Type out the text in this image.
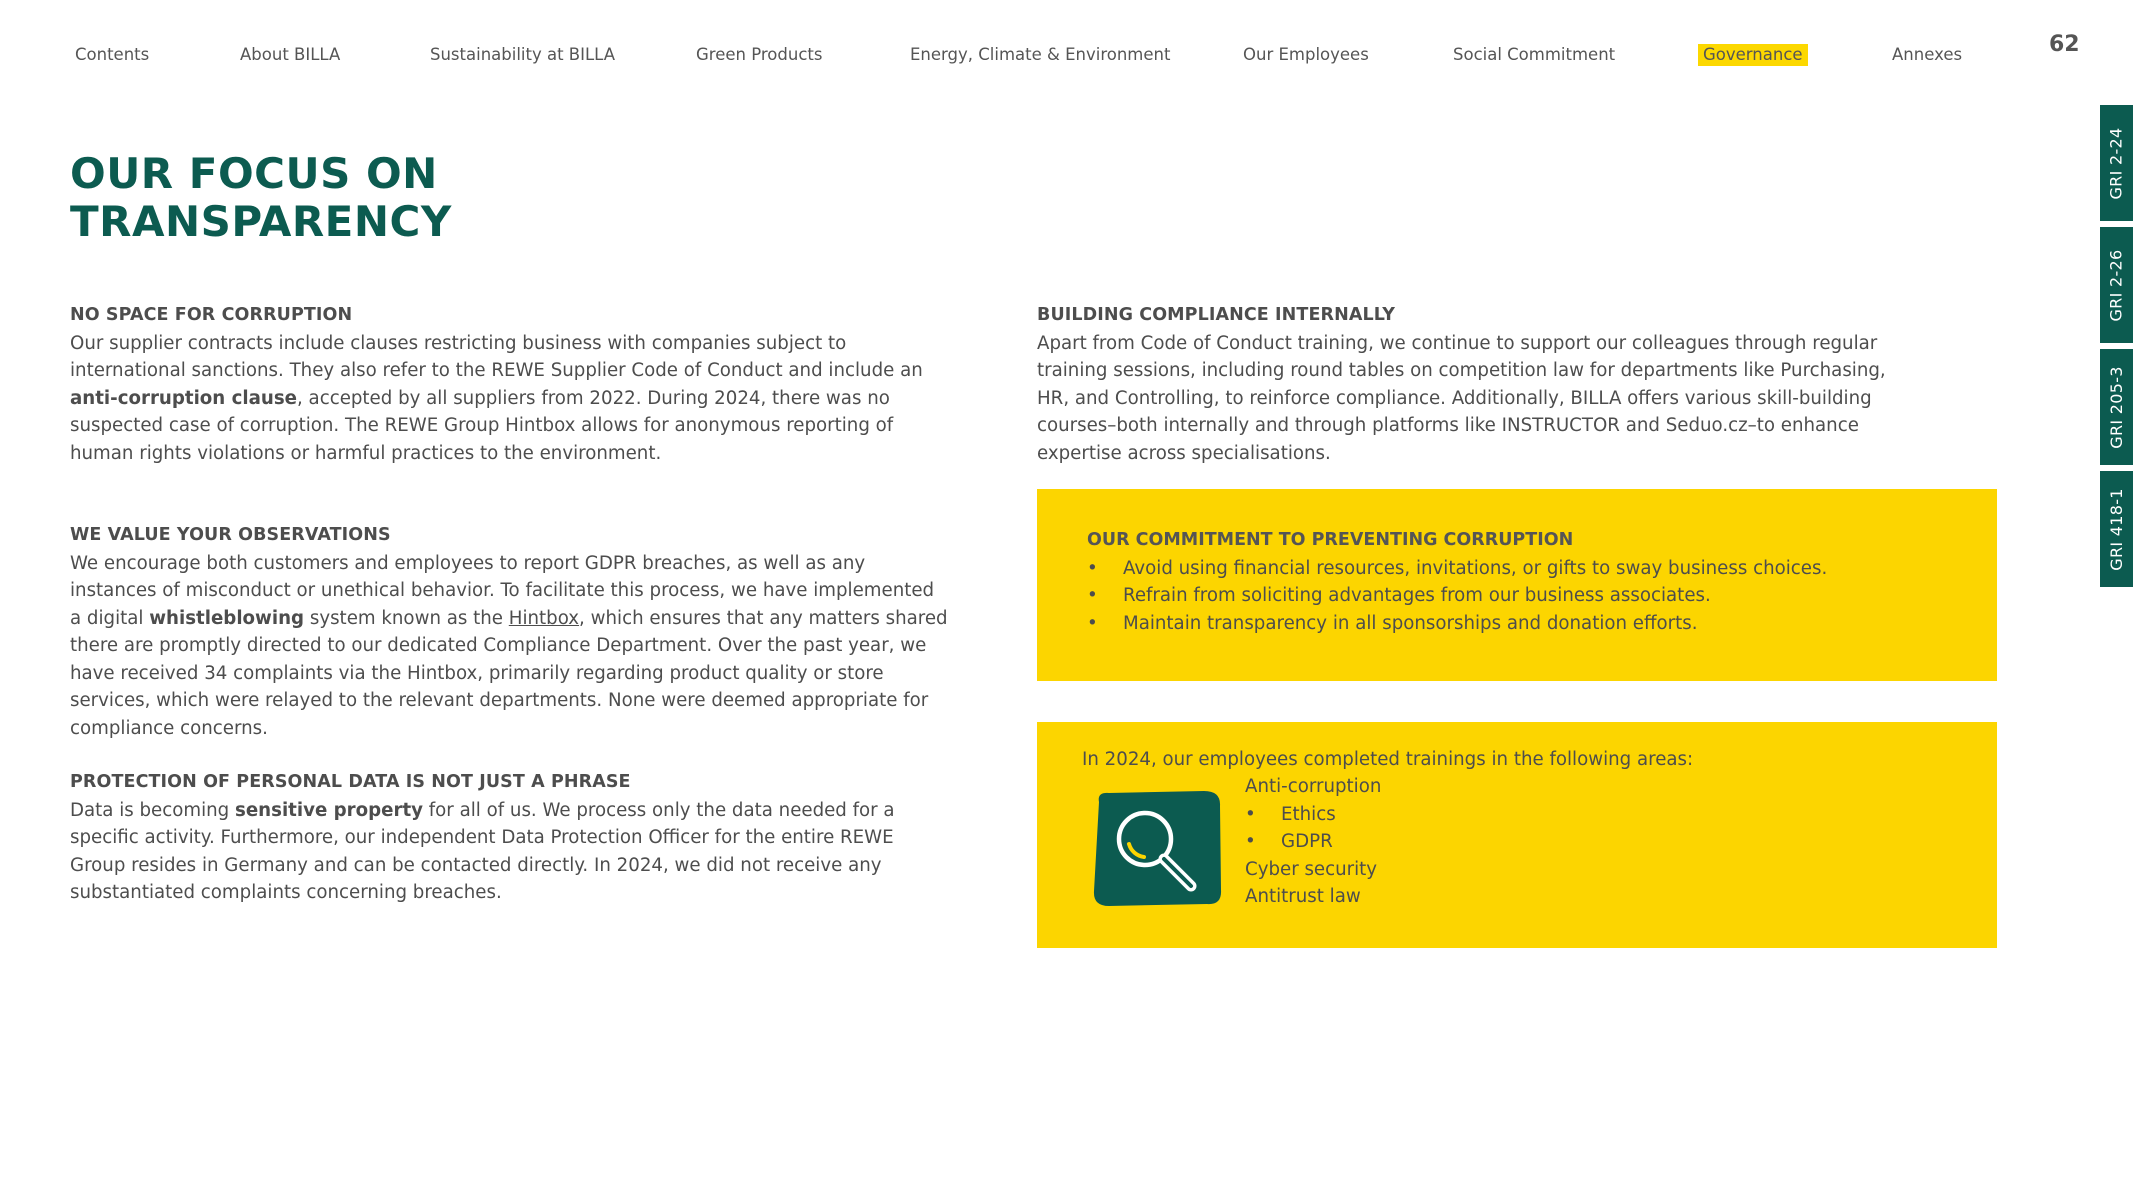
Contents	About BILLA	Sustainability at BILLA	Green Products	Energy, Climate & Environment	Our Employees	Social Commitment	Governance	Annexes	62
GRI 2-24
GRI 2-26
GRI 205-3
GRI 418-1
OUR FOCUS ON
TRANSPARENCY
NO SPACE FOR CORRUPTION

Our supplier contracts include clauses restricting business with companies subject to international sanctions. They also refer to the REWE Supplier Code of Conduct and include an anti-corruption clause, accepted by all suppliers from 2022. During 2024, there was no suspected case of corruption. The REWE Group Hintbox allows for anonymous reporting of human rights violations or harmful practices to the environment.

WE VALUE YOUR OBSERVATIONS

We encourage both customers and employees to report GDPR breaches, as well as any instances of misconduct or unethical behavior. To facilitate this process, we have implemented a digital whistleblowing system known as the Hintbox, which ensures that any matters shared there are promptly directed to our dedicated Compliance Department. Over the past year, we have received 34 complaints via the Hintbox, primarily regarding product quality or store services, which were relayed to the relevant departments. None were deemed appropriate for compliance concerns.

PROTECTION OF PERSONAL DATA IS NOT JUST A PHRASE

Data is becoming sensitive property for all of us. We process only the data needed for a specific activity. Furthermore, our independent Data Protection Officer for the entire REWE Group resides in Germany and can be contacted directly. In 2024, we did not receive any substantiated complaints concerning breaches.

BUILDING COMPLIANCE INTERNALLY

Apart from Code of Conduct training, we continue to support our colleagues through regular training sessions, including round tables on competition law for departments like Purchasing, HR, and Controlling, to reinforce compliance. Additionally, BILLA offers various skill-building courses–both internally and through platforms like INSTRUCTOR and Seduo.cz–to enhance expertise across specialisations.

OUR COMMITMENT TO PREVENTING CORRUPTION
• Avoid using financial resources, invitations, or gifts to sway business choices.
• Refrain from soliciting advantages from our business associates.
• Maintain transparency in all sponsorships and donation efforts.
In 2024, our employees completed trainings in the following areas:
Anti-corruption
• Ethics
• GDPR
Cyber security
Antitrust law
